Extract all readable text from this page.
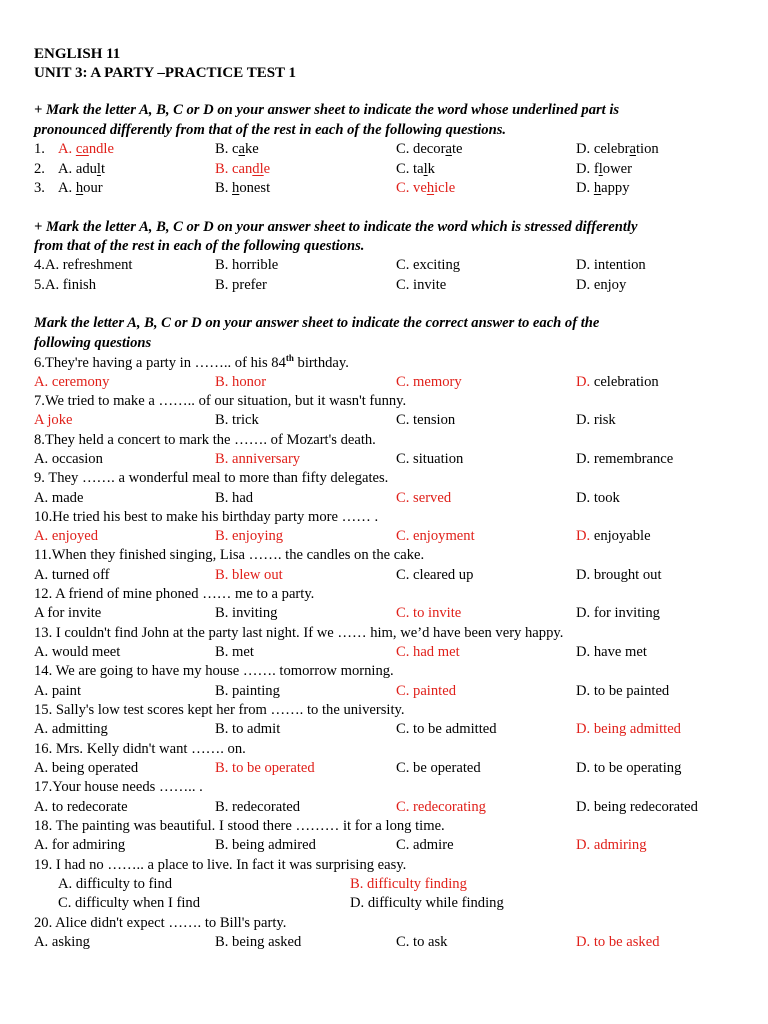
ENGLISH 11
UNIT 3: A PARTY –PRACTICE TEST 1
+ Mark the letter A, B, C or D on your answer sheet to indicate the word whose underlined part is
pronounced differently from that of the rest in each of the following questions.
1. A. candle	B. cake	C. decorate	D. celebration
2. A. adult	B. candle	C. talk	D. flower
3. A. hour	B. honest	C. vehicle	D. happy
+ Mark the letter A, B, C or D on your answer sheet to indicate the word which is stressed differently
from that of the rest in each of the following questions.
4.A. refreshment	B. horrible	C. exciting	D. intention
5.A. finish	B. prefer	C. invite	D. enjoy
Mark the letter A, B, C or D on your answer sheet to indicate the correct answer to each of the
following questions
6.They're having a party in …….. of his 84th birthday.
A. ceremony	B. honor	C. memory	D. celebration
7.We tried to make a …….. of our situation, but it wasn't funny.
A joke	B. trick	C. tension	D. risk
8.They held a concert to mark the ……. of Mozart's death.
A. occasion	B. anniversary	C. situation	D. remembrance
9. They ……. a wonderful meal to more than fifty delegates.
A. made	B. had	C. served	D. took
10.He tried his best to make his birthday party more …… .
A. enjoyed	B. enjoying	C. enjoyment	D. enjoyable
11.When they finished singing, Lisa ……. the candles on the cake.
A. turned off	B. blew out	C. cleared up	D. brought out
12. A friend of mine phoned …… me to a party.
A for invite	B. inviting	C. to invite	D. for inviting
13. I couldn't find John at the party last night. If we …… him, we’d have been very happy.
A. would meet	B. met	C. had met	D. have met
14. We are going to have my house ……. tomorrow morning.
A. paint	B. painting	C. painted	D. to be painted
15. Sally's low test scores kept her from ……. to the university.
A. admitting	B. to admit	C. to be admitted	D. being admitted
16. Mrs. Kelly didn't want ……. on.
A. being operated	B. to be operated	C. be operated	D. to be operating
17.Your house needs …….. .
A. to redecorate	B. redecorated	C. redecorating	D. being redecorated
18. The painting was beautiful. I stood there ……… it for a long time.
A. for admiring	B. being admired	C. admire	D. admiring
19. I had no …….. a place to live. In fact it was surprising easy.
A. difficulty to find	B. difficulty finding
C. difficulty when I find	D. difficulty while finding
20. Alice didn't expect ……. to Bill's party.
A. asking	B. being asked	C. to ask	D. to be asked
